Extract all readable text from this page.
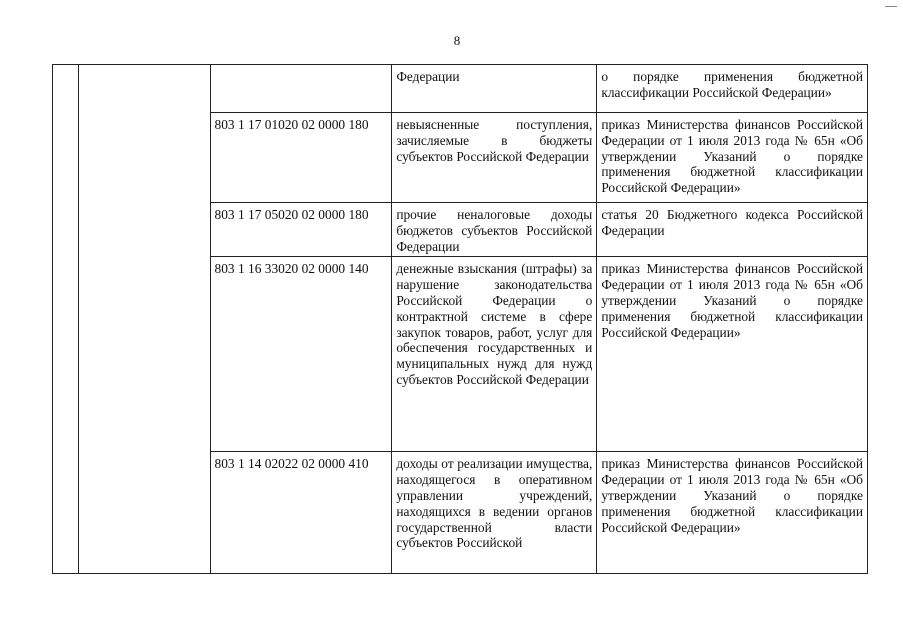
8
			Федерации	о порядке применения бюджетной классификации Российской Федерации»
		803 1 17 01020 02 0000 180	невыясненные поступления, зачисляемые в бюджеты субъектов Российской Федерации	приказ Министерства финансов Российской Федерации от 1 июля 2013 года № 65н «Об утверждении Указаний о порядке применения бюджетной классификации Российской Федерации»
		803 1 17 05020 02 0000 180	прочие неналоговые доходы бюджетов субъектов Российской Федерации	статья 20 Бюджетного кодекса Российской Федерации
		803 1 16 33020 02 0000 140	денежные взыскания (штрафы) за нарушение законодательства Российской Федерации о контрактной системе в сфере закупок товаров, работ, услуг для обеспечения государственных и муниципальных нужд для нужд субъектов Российской Федерации	приказ Министерства финансов Российской Федерации от 1 июля 2013 года № 65н «Об утверждении Указаний о порядке применения бюджетной классификации Российской Федерации»
		803 1 14 02022 02 0000 410	доходы от реализации имущества, находящегося в оперативном управлении учреждений, находящихся в ведении органов государственной власти субъектов Российской	приказ Министерства финансов Российской Федерации от 1 июля 2013 года № 65н «Об утверждении Указаний о порядке применения бюджетной классификации Российской Федерации»
